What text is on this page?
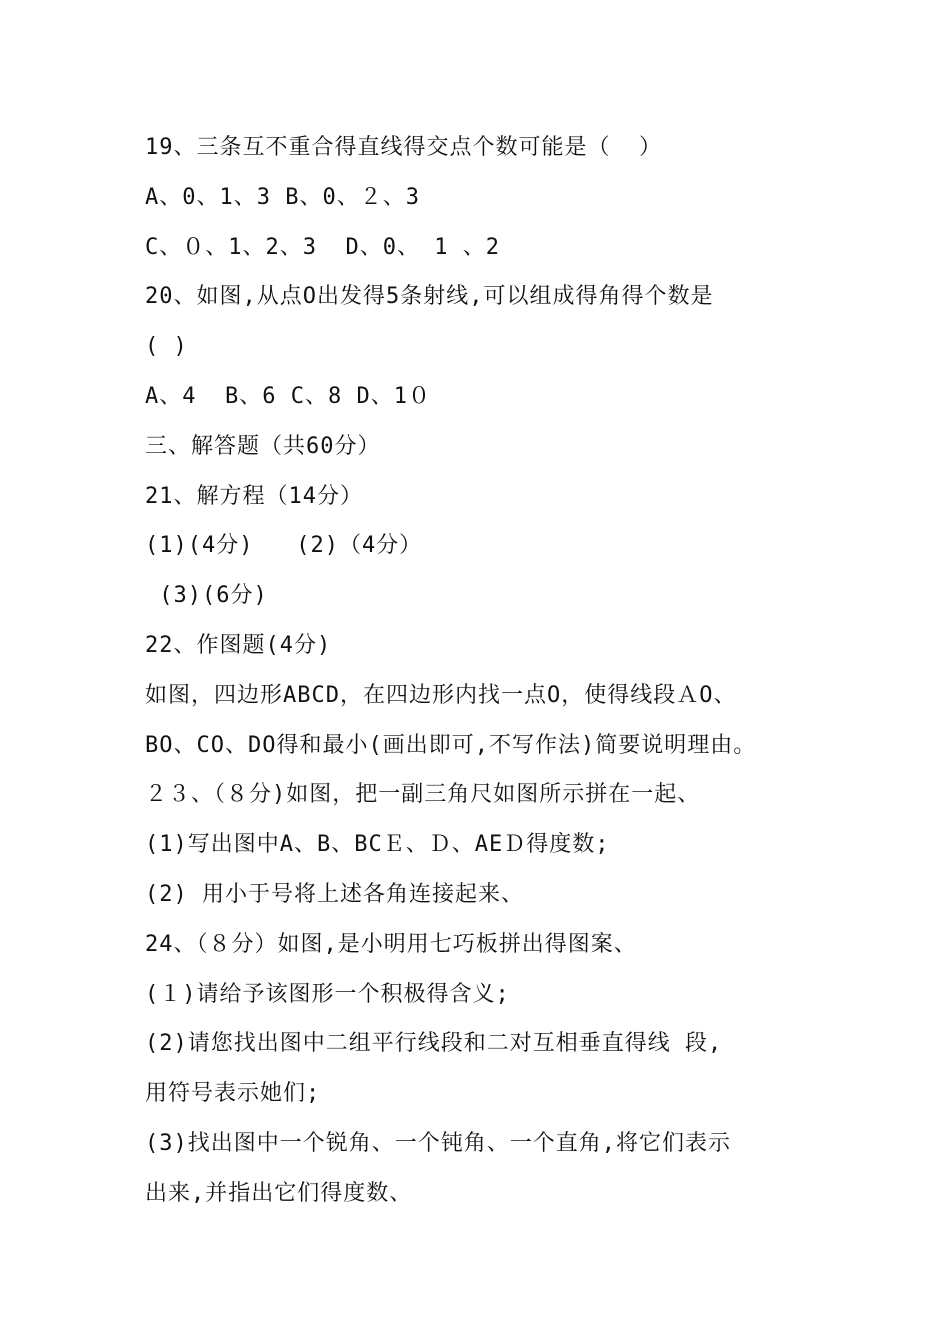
19、三条互不重合得直线得交点个数可能是（  ）
A、0、1、3 B、0、２、3
C、０、1、2、3  D、0、 1 、2
20、如图,从点O出发得5条射线,可以组成得角得个数是
( )
A、4  B、6 C、8 D、1０
三、解答题（共60分）
21、解方程（14分）
(1)(4分)   (2)（4分）
(3)(6分)
22、作图题(4分)
如图，四边形ABCD，在四边形内找一点O，使得线段ＡO、
BO、CO、DO得和最小(画出即可,不写作法)简要说明理由。
２３、（８分)如图，把一副三角尺如图所示拼在一起、
(1)写出图中A、B、BCＥ、Ｄ、AEＤ得度数;
(2) 用小于号将上述各角连接起来、
24、（８分）如图,是小明用七巧板拼出得图案、
(１)请给予该图形一个积极得含义;
(2)请您找出图中二组平行线段和二对互相垂直得线 段,
用符号表示她们;
(3)找出图中一个锐角、一个钝角、一个直角,将它们表示
出来,并指出它们得度数、
